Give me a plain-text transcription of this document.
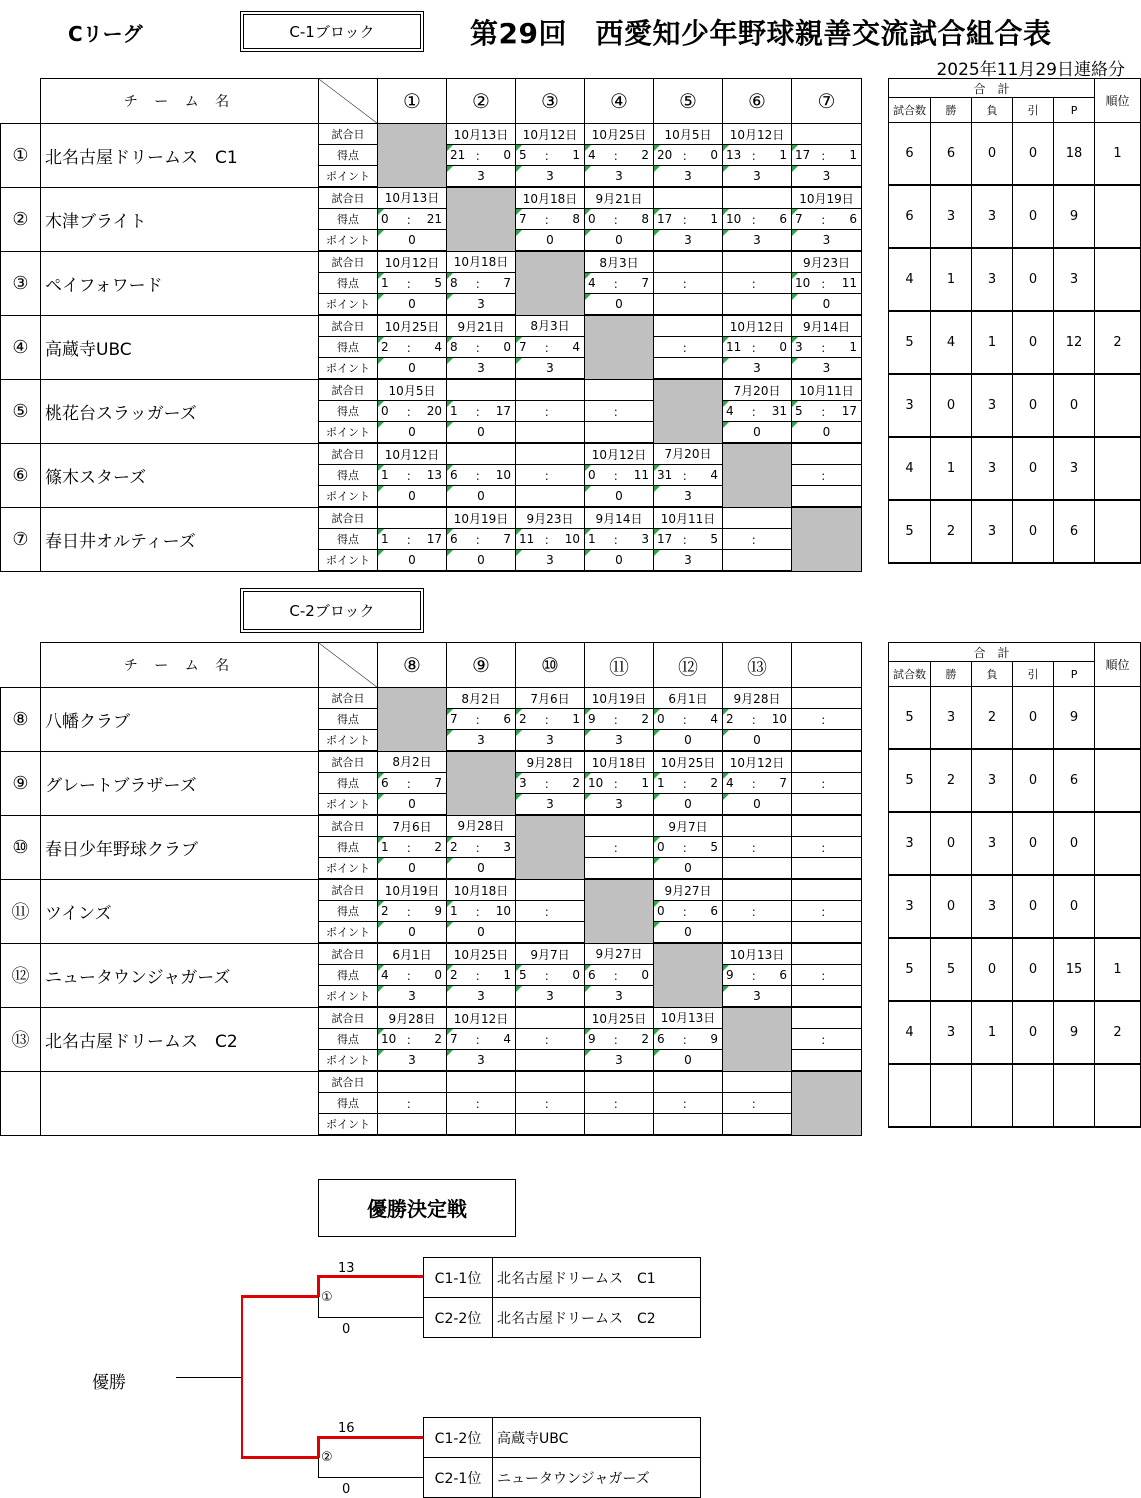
Cリーグ	C-1ブロック	第29回　西愛知少年野球親善交流試合組合表
2025年11月29日連絡分
	チ ー ム 名		①	②	③	④	⑤	⑥	⑦
①	北名古屋ドリームス　C1	試合日		10月13日	10月12日	10月25日	10月5日	10月12日	
		得点		21 ： 0	5 ： 1	4 ： 2	20 ： 0	13 ： 1	17 ： 1

		ポイント		3	3	3	3	3	3
②	木津ブライト	試合日	10月13日		10月18日	9月21日			10月19日
		得点	0 ： 21		7 ： 8	0 ： 8	17 ： 1	10 ： 6	7 ： 6

		ポイント	0		0	0	3	3	3
③	ペイフォワード	試合日	10月12日	10月18日		8月3日			9月23日
		得点	1 ： 5	8 ： 7		4 ： 7	：	：	10 ： 11

		ポイント	0	3		0			0
④	高蔵寺UBC	試合日	10月25日	9月21日	8月3日			10月12日	9月14日
		得点	2 ： 4	8 ： 0	7 ： 4		：	11 ： 0	3 ： 1

		ポイント	0	3	3			3	3
⑤	桃花台スラッガーズ	試合日	10月5日					7月20日	10月11日
		得点	0 ： 20	1 ： 17	：	：		4 ： 31	5 ： 17

		ポイント	0	0				0	0
⑥	篠木スターズ	試合日	10月12日			10月12日	7月20日		
		得点	1 ： 13	6 ： 10	：	0 ： 11	31 ： 4		：

		ポイント	0	0		0	3		
⑦	春日井オルティーズ	試合日		10月19日	9月23日	9月14日	10月11日		
		得点	1 ： 17	6 ： 7	11 ： 10	1 ： 3	17 ： 5	：	

		ポイント	0	0	3	0	3		
合　計					順位
試合数	勝	負	引	P	
6	6	0	0	18	1
6	3	3	0	9	
4	1	3	0	3	
5	4	1	0	12	2
3	0	3	0	0	
4	1	3	0	3	
5	2	3	0	6	
C-2ブロック
	チ ー ム 名		⑧	⑨	⑩	⑪	⑫	⑬	
⑧	八幡クラブ	試合日		8月2日	7月6日	10月19日	6月1日	9月28日	
		得点		7 ： 6	2 ： 1	9 ： 2	0 ： 4	2 ： 10	：

		ポイント		3	3	3	0	0	
⑨	グレートブラザーズ	試合日	8月2日		9月28日	10月18日	10月25日	10月12日	
		得点	6 ： 7		3 ： 2	10 ： 1	1 ： 2	4 ： 7	：

		ポイント	0		3	3	0	0	
⑩	春日少年野球クラブ	試合日	7月6日	9月28日			9月7日		
		得点	1 ： 2	2 ： 3		：	0 ： 5	：	：

		ポイント	0	0			0		
⑪	ツインズ	試合日	10月19日	10月18日			9月27日		
		得点	2 ： 9	1 ： 10	：		0 ： 6	：	：

		ポイント	0	0			0		
⑫	ニュータウンジャガーズ	試合日	6月1日	10月25日	9月7日	9月27日		10月13日	
		得点	4 ： 0	2 ： 1	5 ： 0	6 ： 0		9 ： 6	：

		ポイント	3	3	3	3		3	
⑬	北名古屋ドリームス　C2	試合日	9月28日	10月12日		10月25日	10月13日		
		得点	10 ： 2	7 ： 4	：	9 ： 2	6 ： 9		：

		ポイント	3	3		3	0		
		試合日							
		得点	：	：	：	：	：	：	

		ポイント							
合　計					順位
試合数	勝	負	引	P	
5	3	2	0	9	
5	2	3	0	6	
3	0	3	0	0	
3	0	3	0	0	
5	5	0	0	15	1
4	3	1	0	9	2

優勝決定戦
優勝
13
①
0
16
②
0
C1-1位	北名古屋ドリームス　C1
C2-2位	北名古屋ドリームス　C2
C1-2位	高蔵寺UBC
C2-1位	ニュータウンジャガーズ
